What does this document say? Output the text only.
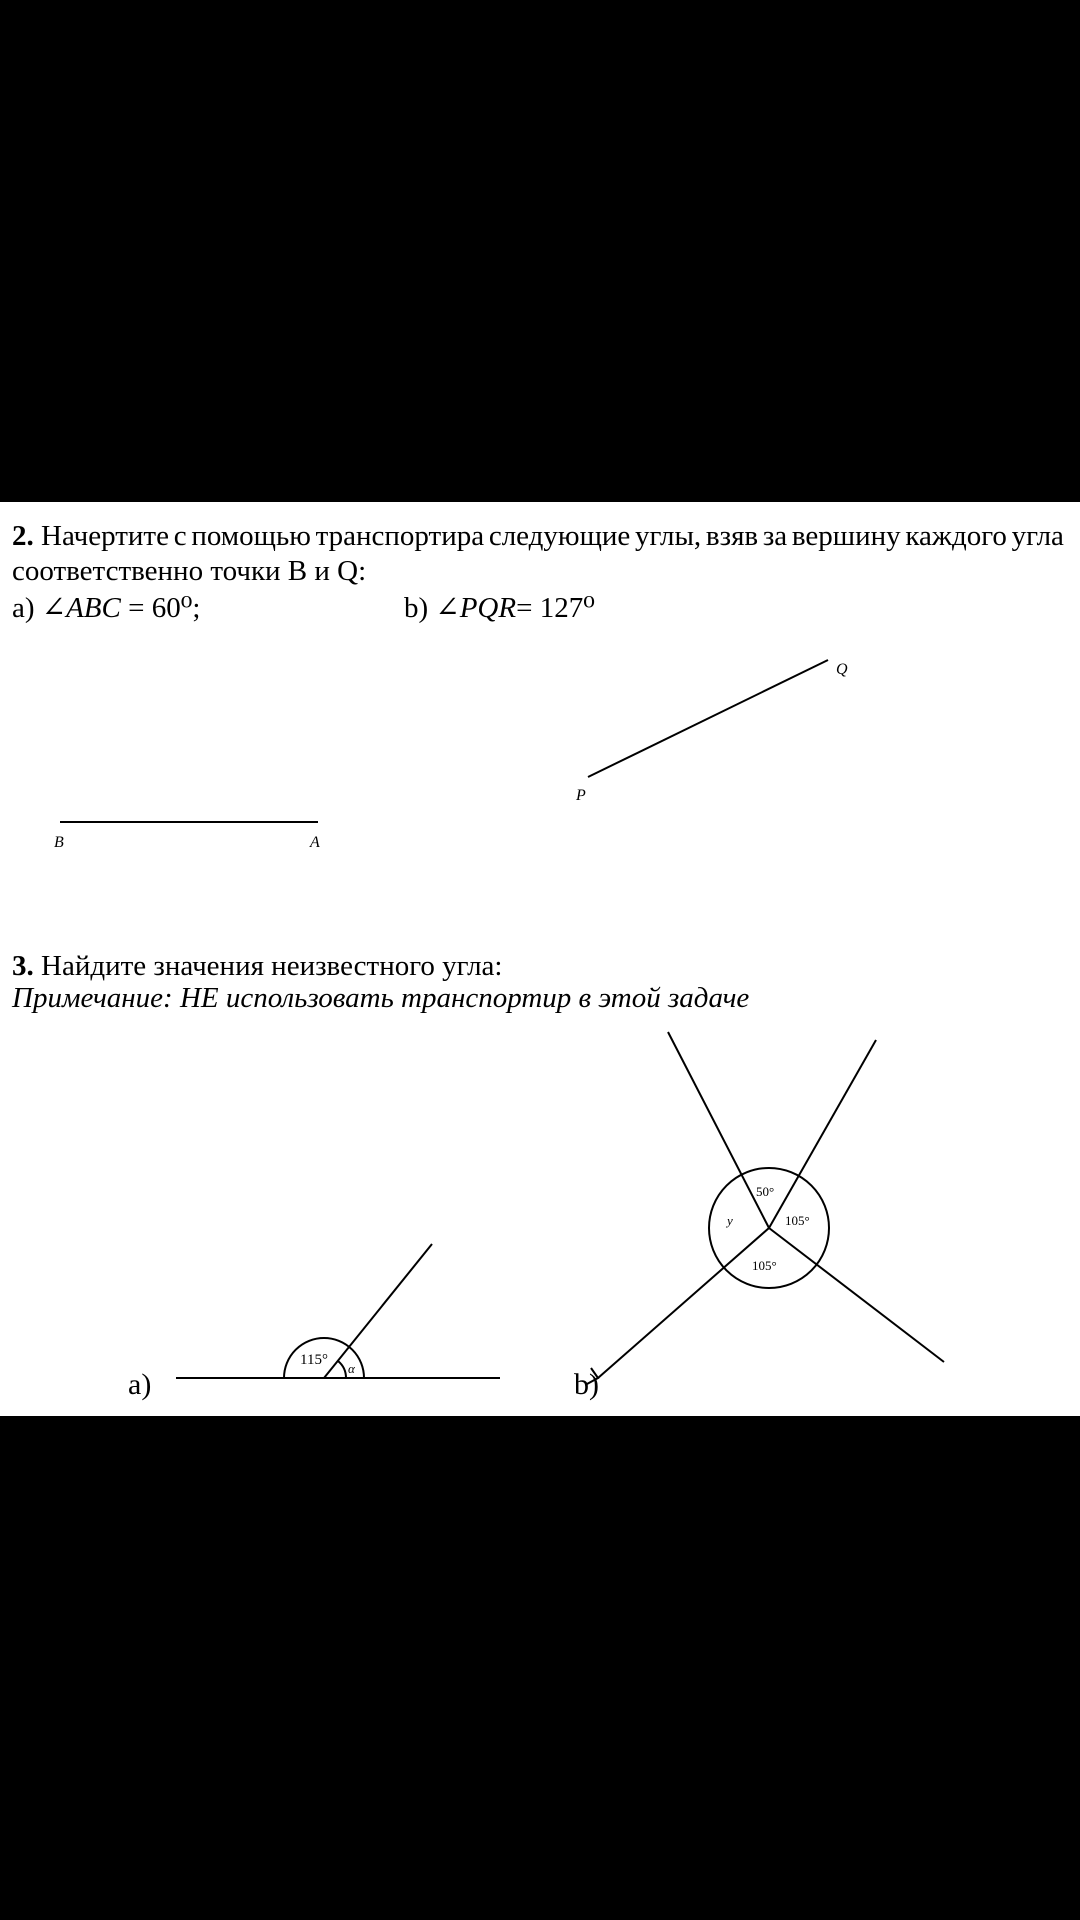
2. Начертите с помощью транспортира следующие углы, взяв за вершину каждого угла
соответственно точки В и Q:
a) ∠ABC = 60⁰;	b) ∠PQR= 127⁰
3. Найдите значения неизвестного угла:
Примечание: НЕ использовать транспортир в этой задаче
a)	b)
B	A
P
Q
115°
α
50°
105°
105°
y
